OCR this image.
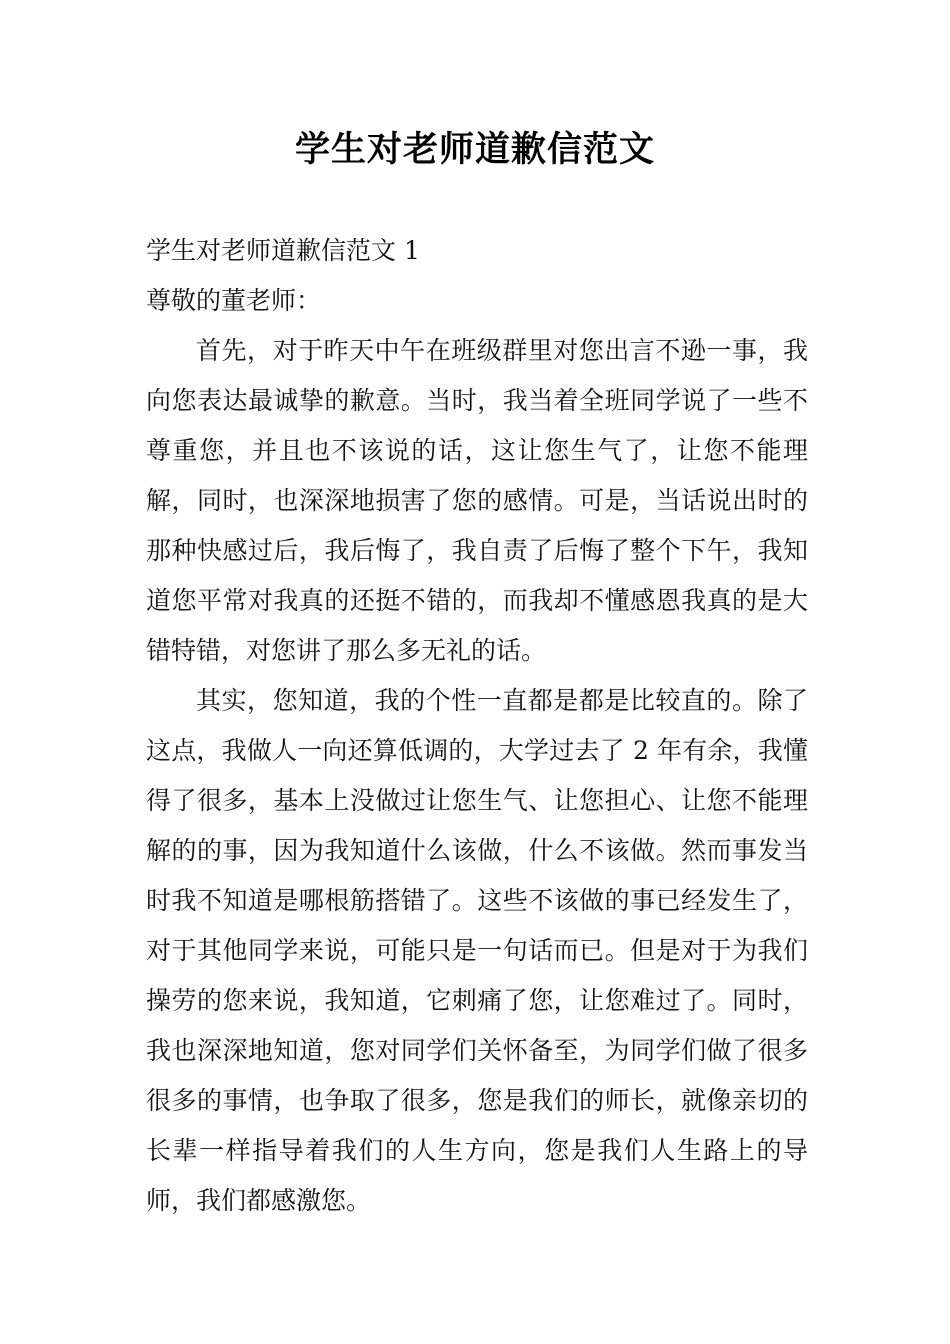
学生对老师道歉信范文

学生对老师道歉信范文 1

尊敬的董老师：

首先，对于昨天中午在班级群里对您出言不逊一事，我向您表达最诚挚的歉意。当时，我当着全班同学说了一些不尊重您，并且也不该说的话，这让您生气了，让您不能理解，同时，也深深地损害了您的感情。可是，当话说出时的那种快感过后，我后悔了，我自责了后悔了整个下午，我知道您平常对我真的还挺不错的，而我却不懂感恩我真的是大错特错，对您讲了那么多无礼的话。

其实，您知道，我的个性一直都是都是比较直的。除了这点，我做人一向还算低调的，大学过去了 2 年有余，我懂得了很多，基本上没做过让您生气、让您担心、让您不能理解的的事，因为我知道什么该做，什么不该做。然而事发当时我不知道是哪根筋搭错了。这些不该做的事已经发生了，对于其他同学来说，可能只是一句话而已。但是对于为我们操劳的您来说，我知道，它刺痛了您，让您难过了。同时，我也深深地知道，您对同学们关怀备至，为同学们做了很多很多的事情，也争取了很多，您是我们的师长，就像亲切的长辈一样指导着我们的人生方向，您是我们人生路上的导师，我们都感激您。
